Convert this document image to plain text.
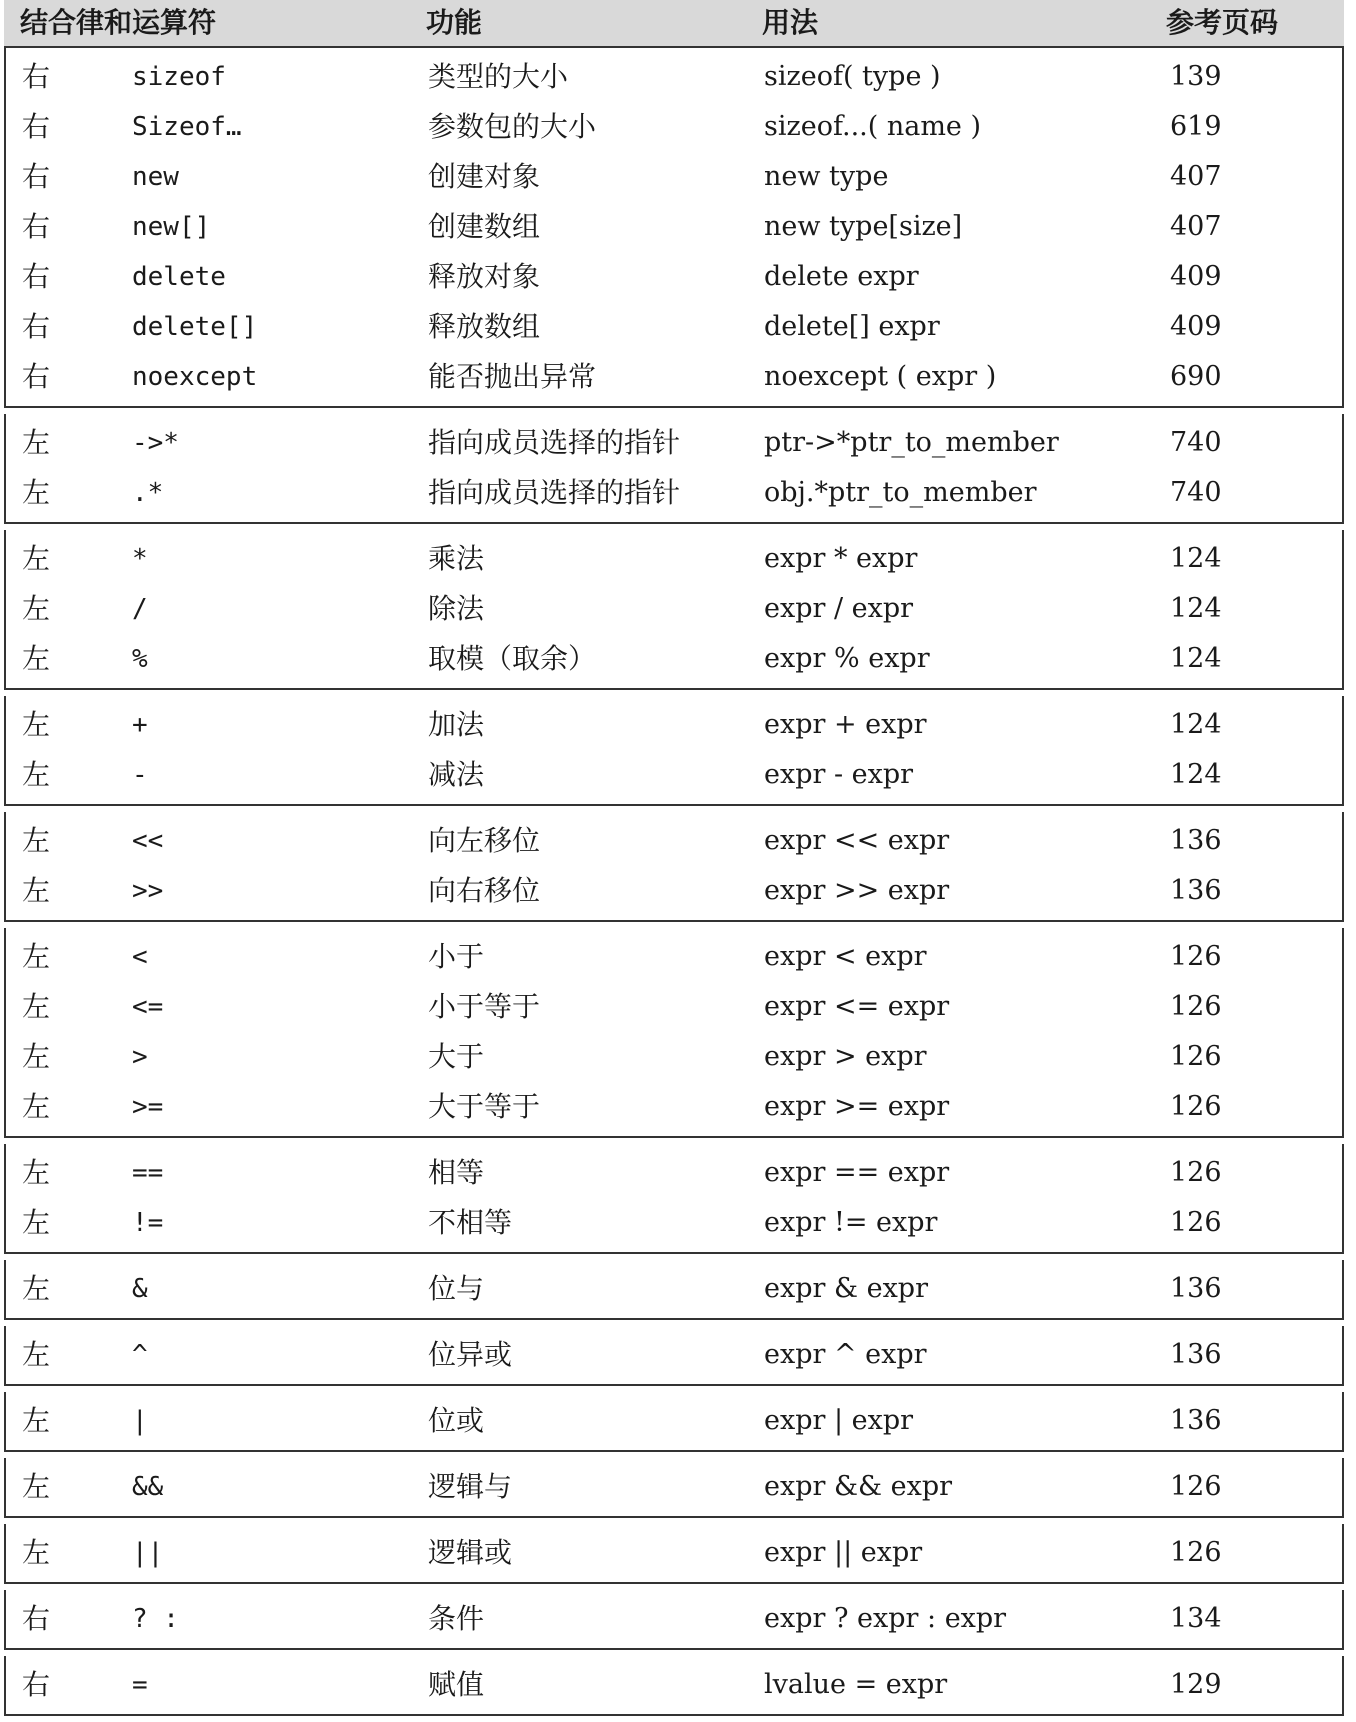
结合律和运算符	功能	用法	参考页码
右	sizeof	类型的大小	sizeof( type )	139
右	Sizeof…	参数包的大小	sizeof...( name )	619
右	new	创建对象	new type	407
右	new[]	创建数组	new type[size]	407
右	delete	释放对象	delete expr	409
右	delete[]	释放数组	delete[] expr	409
右	noexcept	能否抛出异常	noexcept ( expr )	690
左	->*	指向成员选择的指针	ptr->*ptr_to_member	740
左	.*	指向成员选择的指针	obj.*ptr_to_member	740
左	*	乘法	expr * expr	124
左	/	除法	expr / expr	124
左	%	取模（取余）	expr % expr	124
左	+	加法	expr + expr	124
左	-	减法	expr - expr	124
左	<<	向左移位	expr << expr	136
左	>>	向右移位	expr >> expr	136
左	<	小于	expr < expr	126
左	<=	小于等于	expr <= expr	126
左	>	大于	expr > expr	126
左	>=	大于等于	expr >= expr	126
左	==	相等	expr == expr	126
左	!=	不相等	expr != expr	126
左	&	位与	expr & expr	136
左	^	位异或	expr ^ expr	136
左	|	位或	expr | expr	136
左	&&	逻辑与	expr && expr	126
左	||	逻辑或	expr || expr	126
右	? :	条件	expr ? expr : expr	134
右	=	赋值	lvalue = expr	129
